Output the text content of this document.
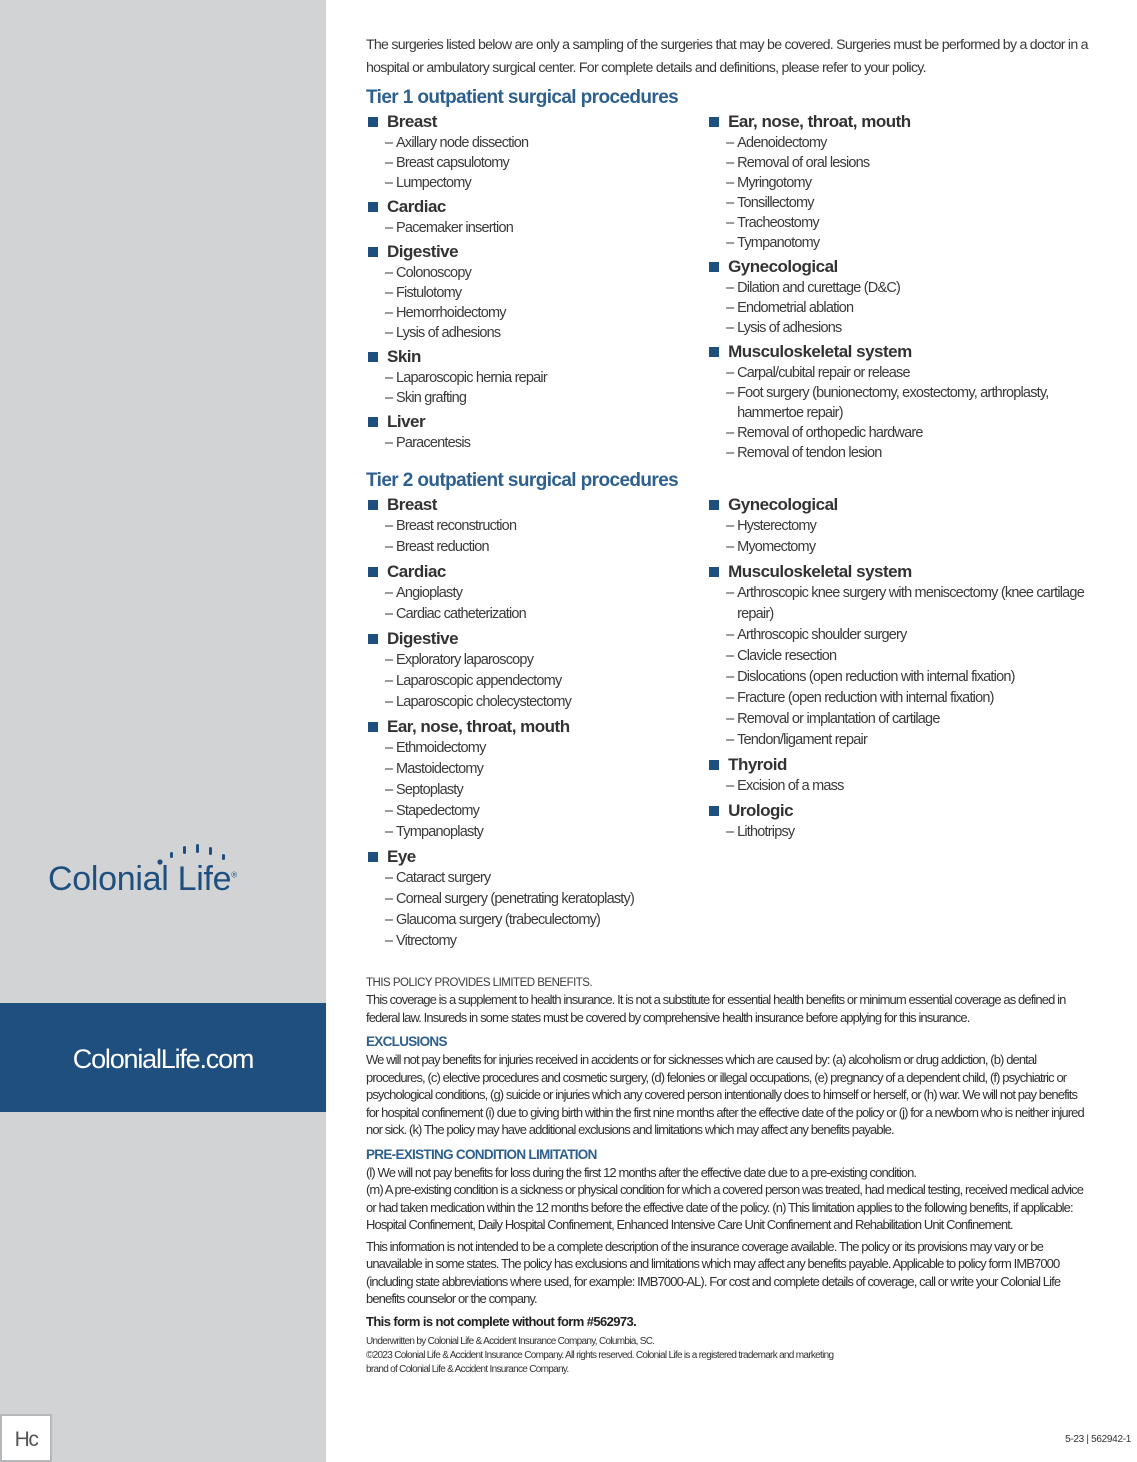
Colonial Life®
ColonialLife.com
Hc

The surgeries listed below are only a sampling of the surgeries that may be covered. Surgeries must be performed by a doctor in a hospital or ambulatory surgical center. For complete details and definitions, please refer to your policy.

Tier 1 outpatient surgical procedures
Breast
– Axillary node dissection
– Breast capsulotomy
– Lumpectomy
Cardiac
– Pacemaker insertion
Digestive
– Colonoscopy
– Fistulotomy
– Hemorrhoidectomy
– Lysis of adhesions
Skin
– Laparoscopic hernia repair
– Skin grafting
Liver
– Paracentesis
Ear, nose, throat, mouth
– Adenoidectomy
– Removal of oral lesions
– Myringotomy
– Tonsillectomy
– Tracheostomy
– Tympanotomy
Gynecological
– Dilation and curettage (D&C)
– Endometrial ablation
– Lysis of adhesions
Musculoskeletal system
– Carpal/cubital repair or release
– Foot surgery (bunionectomy, exostectomy, arthroplasty, hammertoe repair)
– Removal of orthopedic hardware
– Removal of tendon lesion
Tier 2 outpatient surgical procedures
Breast
– Breast reconstruction
– Breast reduction
Cardiac
– Angioplasty
– Cardiac catheterization
Digestive
– Exploratory laparoscopy
– Laparoscopic appendectomy
– Laparoscopic cholecystectomy
Ear, nose, throat, mouth
– Ethmoidectomy
– Mastoidectomy
– Septoplasty
– Stapedectomy
– Tympanoplasty
Eye
– Cataract surgery
– Corneal surgery (penetrating keratoplasty)
– Glaucoma surgery (trabeculectomy)
– Vitrectomy
Gynecological
– Hysterectomy
– Myomectomy
Musculoskeletal system
– Arthroscopic knee surgery with meniscectomy (knee cartilage repair)
– Arthroscopic shoulder surgery
– Clavicle resection
– Dislocations (open reduction with internal fixation)
– Fracture (open reduction with internal fixation)
– Removal or implantation of cartilage
– Tendon/ligament repair
Thyroid
– Excision of a mass
Urologic
– Lithotripsy
THIS POLICY PROVIDES LIMITED BENEFITS.

This coverage is a supplement to health insurance. It is not a substitute for essential health benefits or minimum essential coverage as defined in federal law. Insureds in some states must be covered by comprehensive health insurance before applying for this insurance.

EXCLUSIONS

We will not pay benefits for injuries received in accidents or for sicknesses which are caused by: (a) alcoholism or drug addiction, (b) dental procedures, (c) elective procedures and cosmetic surgery, (d) felonies or illegal occupations, (e) pregnancy of a dependent child, (f) psychiatric or psychological conditions, (g) suicide or injuries which any covered person intentionally does to himself or herself, or (h) war. We will not pay benefits for hospital confinement (i) due to giving birth within the first nine months after the effective date of the policy or (j) for a newborn who is neither injured nor sick. (k) The policy may have additional exclusions and limitations which may affect any benefits payable.

PRE-EXISTING CONDITION LIMITATION

(l) We will not pay benefits for loss during the first 12 months after the effective date due to a pre-existing condition.

(m) A pre-existing condition is a sickness or physical condition for which a covered person was treated, had medical testing, received medical advice or had taken medication within the 12 months before the effective date of the policy. (n) This limitation applies to the following benefits, if applicable: Hospital Confinement, Daily Hospital Confinement, Enhanced Intensive Care Unit Confinement and Rehabilitation Unit Confinement.

This information is not intended to be a complete description of the insurance coverage available. The policy or its provisions may vary or be unavailable in some states. The policy has exclusions and limitations which may affect any benefits payable. Applicable to policy form IMB7000 (including state abbreviations where used, for example: IMB7000-AL). For cost and complete details of coverage, call or write your Colonial Life benefits counselor or the company.

This form is not complete without form #562973.
Underwritten by Colonial Life & Accident Insurance Company, Columbia, SC.
©2023 Colonial Life & Accident Insurance Company. All rights reserved. Colonial Life is a registered trademark and marketing brand of Colonial Life & Accident Insurance Company.
5-23 | 562942-1
